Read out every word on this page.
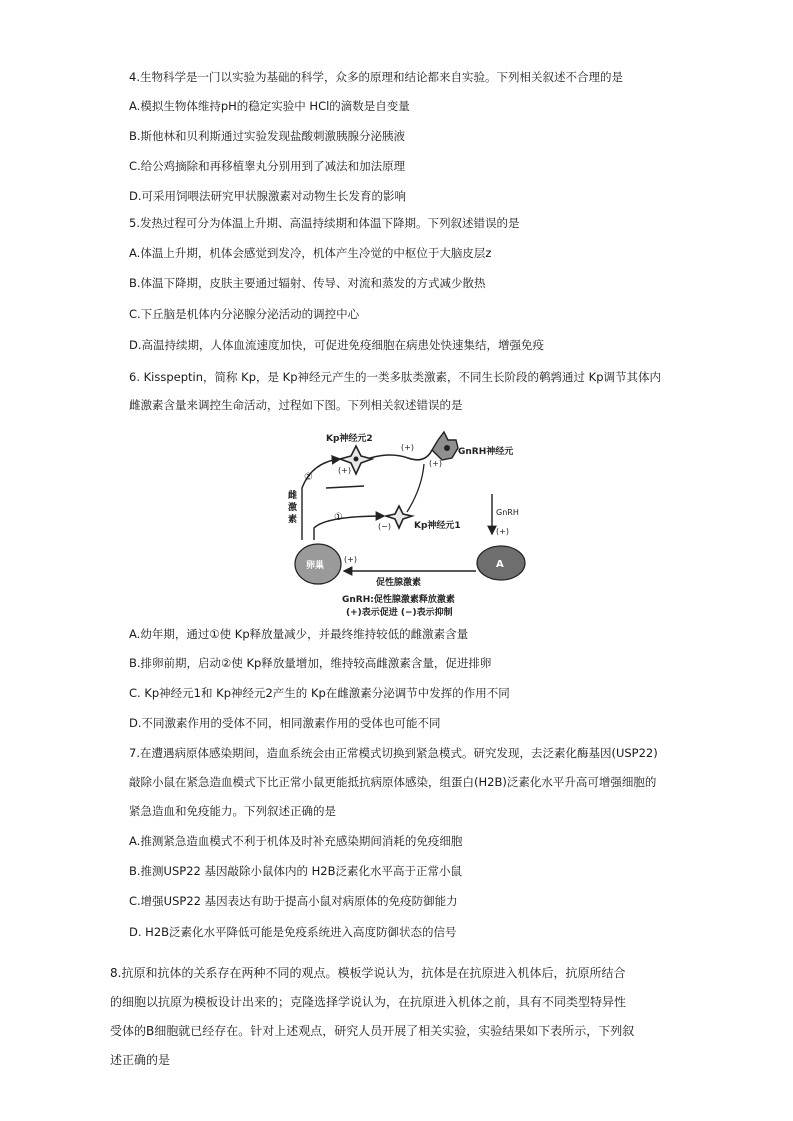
4.生物科学是一门以实验为基础的科学，众多的原理和结论都来自实验。下列相关叙述不合理的是
A.模拟生物体维持pH的稳定实验中 HCl的滴数是自变量
B.斯他林和贝利斯通过实验发现盐酸刺激胰腺分泌胰液
C.给公鸡摘除和再移植睾丸分别用到了减法和加法原理
D.可采用饲喂法研究甲状腺激素对动物生长发育的影响
5.发热过程可分为体温上升期、高温持续期和体温下降期。下列叙述错误的是
A.体温上升期，机体会感觉到发冷，机体产生冷觉的中枢位于大脑皮层z
B.体温下降期，皮肤主要通过辐射、传导、对流和蒸发的方式减少散热
C.下丘脑是机体内分泌腺分泌活动的调控中心
D.高温持续期，人体血流速度加快，可促进免疫细胞在病患处快速集结，增强免疫
6. Kisspeptin，简称 Kp，是 Kp神经元产生的一类多肽类激素，不同生长阶段的鹌鹑通过 Kp调节其体内
雌激素含量来调控生命活动，过程如下图。下列相关叙述错误的是
Kp神经元2
(+)
(+)	GnRH神经元
(+)
Kp神经元1
(−)
GnRH
(+)
A
卵巢
(+)
促性腺激素
雌 激 素	①
②
GnRH:促性腺激素释放激素
(+)表示促进 (−)表示抑制
A.幼年期，通过①使 Kp释放量减少，并最终维持较低的雌激素含量
B.排卵前期，启动②使 Kp释放量增加，维持较高雌激素含量，促进排卵
C. Kp神经元1和 Kp神经元2产生的 Kp在雌激素分泌调节中发挥的作用不同
D.不同激素作用的受体不同，相同激素作用的受体也可能不同
7.在遭遇病原体感染期间，造血系统会由正常模式切换到紧急模式。研究发现，去泛素化酶基因(USP22)
敲除小鼠在紧急造血模式下比正常小鼠更能抵抗病原体感染，组蛋白(H2B)泛素化水平升高可增强细胞的
紧急造血和免疫能力。下列叙述正确的是
A.推测紧急造血模式不利于机体及时补充感染期间消耗的免疫细胞
B.推测USP22 基因敲除小鼠体内的 H2B泛素化水平高于正常小鼠
C.增强USP22 基因表达有助于提高小鼠对病原体的免疫防御能力
D. H2B泛素化水平降低可能是免疫系统进入高度防御状态的信号
8.抗原和抗体的关系存在两种不同的观点。模板学说认为，抗体是在抗原进入机体后，抗原所结合
的细胞以抗原为模板设计出来的；克隆选择学说认为，在抗原进入机体之前，具有不同类型特异性
受体的B细胞就已经存在。针对上述观点，研究人员开展了相关实验，实验结果如下表所示，下列叙
述正确的是
